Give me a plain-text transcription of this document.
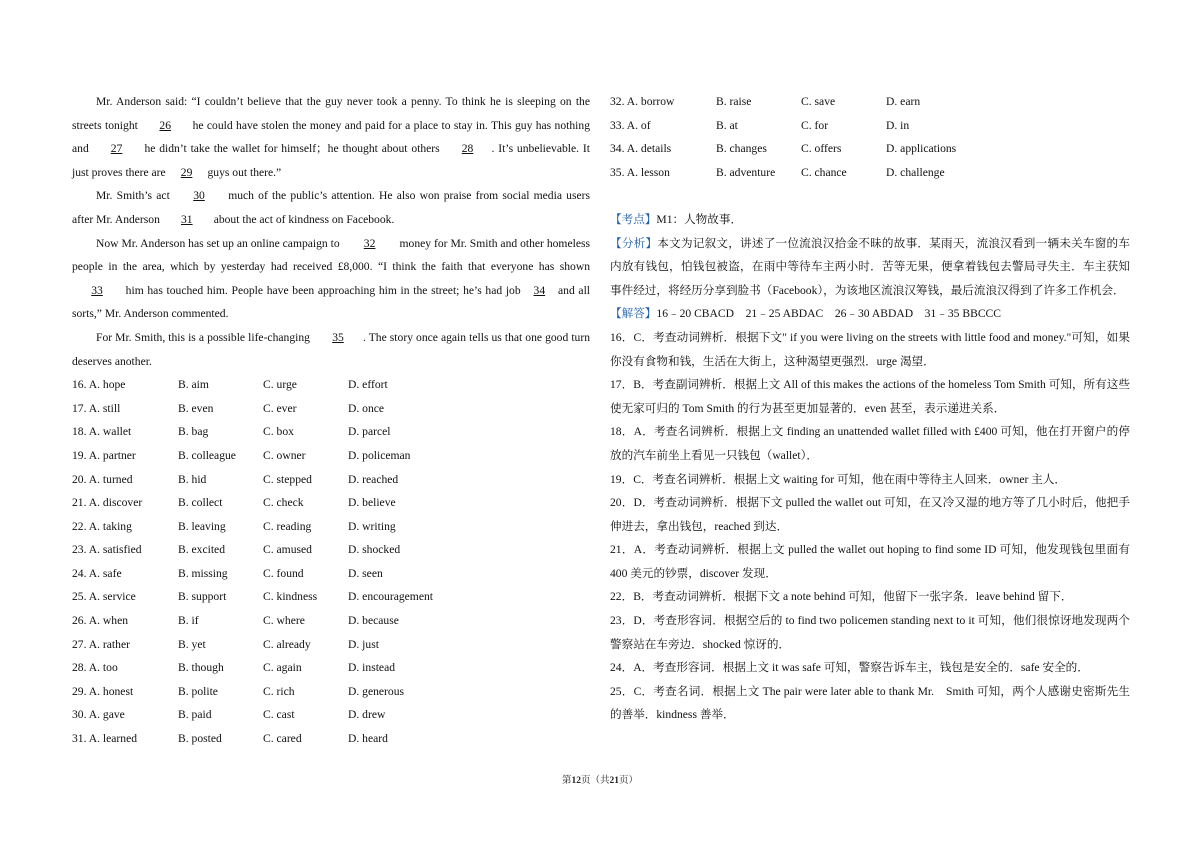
Mr. Anderson said: “I couldn’t believe that the guy never took a penny. To think he is sleeping on the streets tonight 26 he could have stolen the money and paid for a place to stay in. This guy has nothing and 27 he didn’t take the wallet for himself；he thought about others 28 . It’s unbelievable. It just proves there are 29 guys out there.”

Mr. Smith’s act 30 much of the public’s attention. He also won praise from social media users after Mr. Anderson 31 about the act of kindness on Facebook.

Now Mr. Anderson has set up an online campaign to 32 money for Mr. Smith and other homeless people in the area, which by yesterday had received £8,000. “I think the faith that everyone has shown 33 him has touched him. People have been approaching him in the street; he’s had job 34 and all sorts,” Mr. Anderson commented.

For Mr. Smith, this is a possible life-changing 35 . The story once again tells us that one good turn deserves another.

16. A. hope	B. aim	C. urge	D. effort
17. A. still	B. even	C. ever	D. once
18. A. wallet	B. bag	C. box	D. parcel
19. A. partner	B. colleague	C. owner	D. policeman
20. A. turned	B. hid	C. stepped	D. reached
21. A. discover	B. collect	C. check	D. believe
22. A. taking	B. leaving	C. reading	D. writing
23. A. satisfied	B. excited	C. amused	D. shocked
24. A. safe	B. missing	C. found	D. seen
25. A. service	B. support	C. kindness	D. encouragement
26. A. when	B. if	C. where	D. because
27. A. rather	B. yet	C. already	D. just
28. A. too	B. though	C. again	D. instead
29. A. honest	B. polite	C. rich	D. generous
30. A. gave	B. paid	C. cast	D. drew
31. A. learned	B. posted	C. cared	D. heard
32. A. borrow	B. raise	C. save	D. earn
33. A. of	B. at	C. for	D. in
34. A. details	B. changes	C. offers	D. applications
35. A. lesson	B. adventure	C. chance	D. challenge

【考点】M1：人物故事．

【分析】本文为记叙文，讲述了一位流浪汉拾金不昧的故事．某雨天，流浪汉看到一辆未关车窗的车内放有钱包，怕钱包被盗，在雨中等待车主两小时．苦等无果，便拿着钱包去警局寻失主．车主获知事件经过，将经历分享到脸书（Facebook），为该地区流浪汉筹钱，最后流浪汉得到了许多工作机会．

【解答】16﹣20 CBACD　21﹣25 ABDAC　26﹣30 ABDAD　31﹣35 BBCCC

16．C．考查动词辨析．根据下文" if you were living on the streets with little food and money."可知，如果你没有食物和钱，生活在大街上，这种渴望更强烈．urge 渴望．

17．B．考查副词辨析．根据上文 All of this makes the actions of the homeless Tom Smith 可知，所有这些使无家可归的 Tom Smith 的行为甚至更加显著的．even 甚至，表示递进关系．

18．A．考查名词辨析．根据上文 finding an unattended wallet filled with £400 可知，他在打开窗户的停放的汽车前坐上看见一只钱包（wallet）．

19．C．考查名词辨析．根据上文 waiting for 可知，他在雨中等待主人回来．owner 主人．

20．D．考查动词辨析．根据下文 pulled the wallet out 可知，在又冷又湿的地方等了几小时后，他把手伸进去，拿出钱包，reached 到达．

21．A．考查动词辨析．根据上文 pulled the wallet out hoping to find some ID 可知，他发现钱包里面有 400 美元的钞票，discover 发现．

22．B．考查动词辨析．根据下文 a note behind 可知，他留下一张字条．leave behind 留下．

23．D．考查形容词．根据空后的 to find two policemen standing next to it 可知，他们很惊讶地发现两个警察站在车旁边．shocked 惊讶的．

24．A．考查形容词．根据上文 it was safe 可知，警察告诉车主，钱包是安全的．safe 安全的．

25．C．考查名词．根据上文 The pair were later able to thank Mr.　Smith 可知，两个人感谢史密斯先生的善举．kindness 善举．

第12页（共21页）
